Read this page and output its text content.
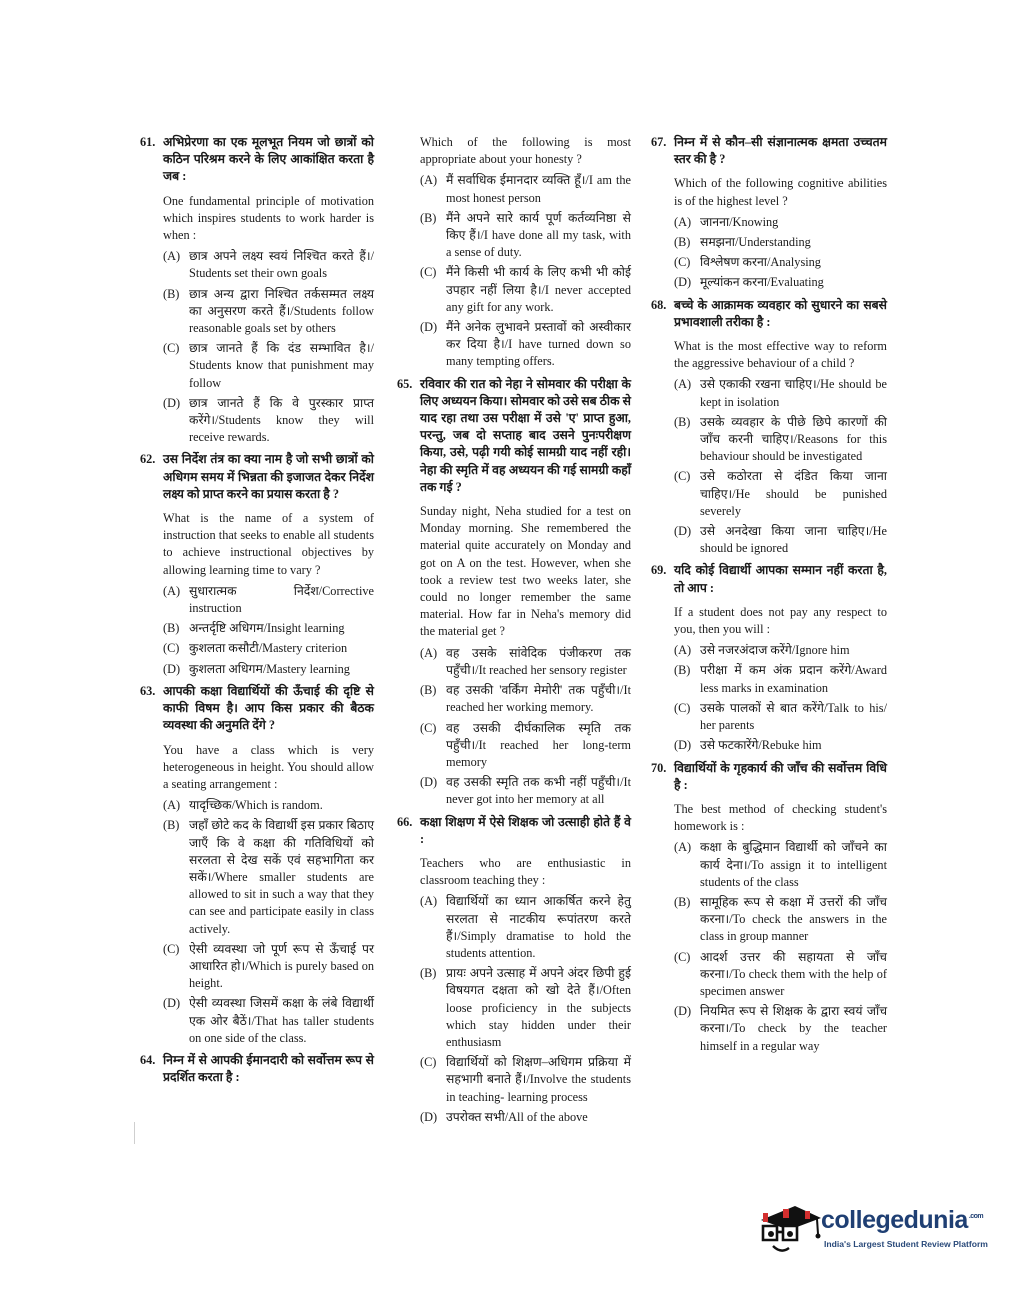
61. अभिप्रेरणा का एक मूलभूत नियम जो छात्रों को कठिन परिश्रम करने के लिए आकांक्षित करता है जब :
One fundamental principle of motivation which inspires students to work harder is when :
(A) छात्र अपने लक्ष्य स्वयं निश्चित करते हैं।/ Students set their own goals
(B) छात्र अन्य द्वारा निश्चित तर्कसम्मत लक्ष्य का अनुसरण करते हैं।/Students follow reasonable goals set by others
(C) छात्र जानते हैं कि दंड सम्भावित है।/ Students know that punishment may follow
(D) छात्र जानते हैं कि वे पुरस्कार प्राप्त करेंगे।/Students know they will receive rewards.
62. उस निर्देश तंत्र का क्या नाम है जो सभी छात्रों को अधिगम समय में भिन्नता की इजाजत देकर निर्देश लक्ष्य को प्राप्त करने का प्रयास करता है ?
What is the name of a system of instruction that seeks to enable all students to achieve instructional objectives by allowing learning time to vary ?
(A) सुधारात्मक निर्देश/Corrective instruction
(B) अन्तर्दृष्टि अधिगम/Insight learning
(C) कुशलता कसौटी/Mastery criterion
(D) कुशलता अधिगम/Mastery learning
63. आपकी कक्षा विद्यार्थियों की ऊँचाई की दृष्टि से काफी विषम है। आप किस प्रकार की बैठक व्यवस्था की अनुमति देंगे ?
You have a class which is very heterogeneous in height. You should allow a seating arrangement :
(A) यादृच्छिक/Which is random.
(B) जहाँ छोटे कद के विद्यार्थी इस प्रकार बिठाए जाएँ कि वे कक्षा की गतिविधियों को सरलता से देख सकें एवं सहभागिता कर सकें।/Where smaller students are allowed to sit in such a way that they can see and participate easily in class actively.
(C) ऐसी व्यवस्था जो पूर्ण रूप से ऊँचाई पर आधारित हो।/Which is purely based on height.
(D) ऐसी व्यवस्था जिसमें कक्षा के लंबे विद्यार्थी एक ओर बैठें।/That has taller students on one side of the class.
64. निम्न में से आपकी ईमानदारी को सर्वोत्तम रूप से प्रदर्शित करता है :
Which of the following is most appropriate about your honesty ?
(A) मैं सर्वाधिक ईमानदार व्यक्ति हूँ।/I am the most honest person
(B) मैंने अपने सारे कार्य पूर्ण कर्तव्यनिष्ठा से किए हैं।/I have done all my task, with a sense of duty.
(C) मैंने किसी भी कार्य के लिए कभी भी कोई उपहार नहीं लिया है।/I never accepted any gift for any work.
(D) मैंने अनेक लुभावने प्रस्तावों को अस्वीकार कर दिया है।/I have turned down so many tempting offers.
65. रविवार की रात को नेहा ने सोमवार की परीक्षा के लिए अध्ययन किया। सोमवार को उसे सब ठीक से याद रहा तथा उस परीक्षा में उसे 'ए' प्राप्त हुआ, परन्तु, जब दो सप्ताह बाद उसने पुनःपरीक्षण किया, उसे, पढ़ी गयी कोई सामग्री याद नहीं रही। नेहा की स्मृति में वह अध्ययन की गई सामग्री कहाँ तक गई ?
Sunday night, Neha studied for a test on Monday morning. She remembered the material quite accurately on Monday and got on A on the test. However, when she took a review test two weeks later, she could no longer remember the same material. How far in Neha's memory did the material get ?
(A) वह उसके सांवेदिक पंजीकरण तक पहुँची।/It reached her sensory register
(B) वह उसकी 'वर्किंग मेमोरी' तक पहुँची।/It reached her working memory.
(C) वह उसकी दीर्घकालिक स्मृति तक पहुँची।/It reached her long-term memory
(D) वह उसकी स्मृति तक कभी नहीं पहुँची।/It never got into her memory at all
66. कक्षा शिक्षण में ऐसे शिक्षक जो उत्साही होते हैं वे :
Teachers who are enthusiastic in classroom teaching they :
(A) विद्यार्थियों का ध्यान आकर्षित करने हेतु सरलता से नाटकीय रूपांतरण करते हैं।/Simply dramatise to hold the students attention.
(B) प्रायः अपने उत्साह में अपने अंदर छिपी हुई विषयगत दक्षता को खो देते हैं।/Often loose proficiency in the subjects which stay hidden under their enthusiasm
(C) विद्यार्थियों को शिक्षण–अधिगम प्रक्रिया में सहभागी बनाते हैं।/Involve the students in teaching- learning process
(D) उपरोक्त सभी/All of the above
67. निम्न में से कौन–सी संज्ञानात्मक क्षमता उच्चतम स्तर की है ?
Which of the following cognitive abilities is of the highest level ?
(A) जानना/Knowing
(B) समझना/Understanding
(C) विश्लेषण करना/Analysing
(D) मूल्यांकन करना/Evaluating
68. बच्चे के आक्रामक व्यवहार को सुधारने का सबसे प्रभावशाली तरीका है :
What is the most effective way to reform the aggressive behaviour of a child ?
(A) उसे एकाकी रखना चाहिए।/He should be kept in isolation
(B) उसके व्यवहार के पीछे छिपे कारणों की जाँच करनी चाहिए।/Reasons for this behaviour should be investigated
(C) उसे कठोरता से दंडित किया जाना चाहिए।/He should be punished severely
(D) उसे अनदेखा किया जाना चाहिए।/He should be ignored
69. यदि कोई विद्यार्थी आपका सम्मान नहीं करता है, तो आप :
If a student does not pay any respect to you, then you will :
(A) उसे नजरअंदाज करेंगे/Ignore him
(B) परीक्षा में कम अंक प्रदान करेंगे/Award less marks in examination
(C) उसके पालकों से बात करेंगे/Talk to his/ her parents
(D) उसे फटकारेंगे/Rebuke him
70. विद्यार्थियों के गृहकार्य की जाँच की सर्वोत्तम विधि है :
The best method of checking student's homework is :
(A) कक्षा के बुद्धिमान विद्यार्थी को जाँचने का कार्य देना।/To assign it to intelligent students of the class
(B) सामूहिक रूप से कक्षा में उत्तरों की जाँच करना।/To check the answers in the class in group manner
(C) आदर्श उत्तर की सहायता से जाँच करना।/To check them with the help of specimen answer
(D) नियमित रूप से शिक्षक के द्वारा स्वयं जाँच करना।/To check by the teacher himself in a regular way
collegedunia$^{.com}$
India's Largest Student Review Platform
